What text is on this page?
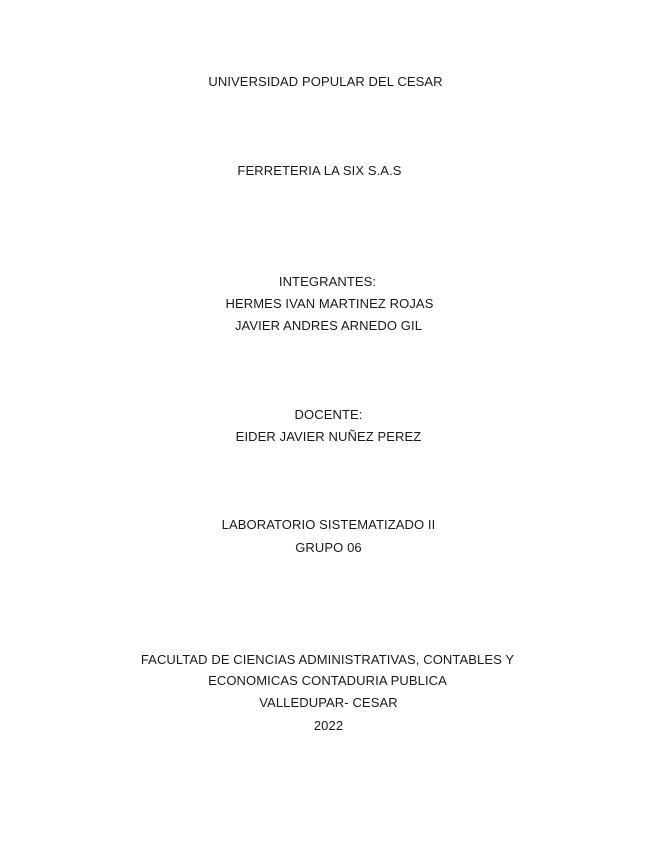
UNIVERSIDAD POPULAR DEL CESAR
FERRETERIA LA SIX S.A.S
INTEGRANTES:
HERMES IVAN MARTINEZ ROJAS
JAVIER ANDRES ARNEDO GIL
DOCENTE:
EIDER JAVIER NUÑEZ PEREZ
LABORATORIO SISTEMATIZADO II
GRUPO 06
FACULTAD DE CIENCIAS ADMINISTRATIVAS, CONTABLES Y
ECONOMICAS CONTADURIA PUBLICA
VALLEDUPAR- CESAR
2022
